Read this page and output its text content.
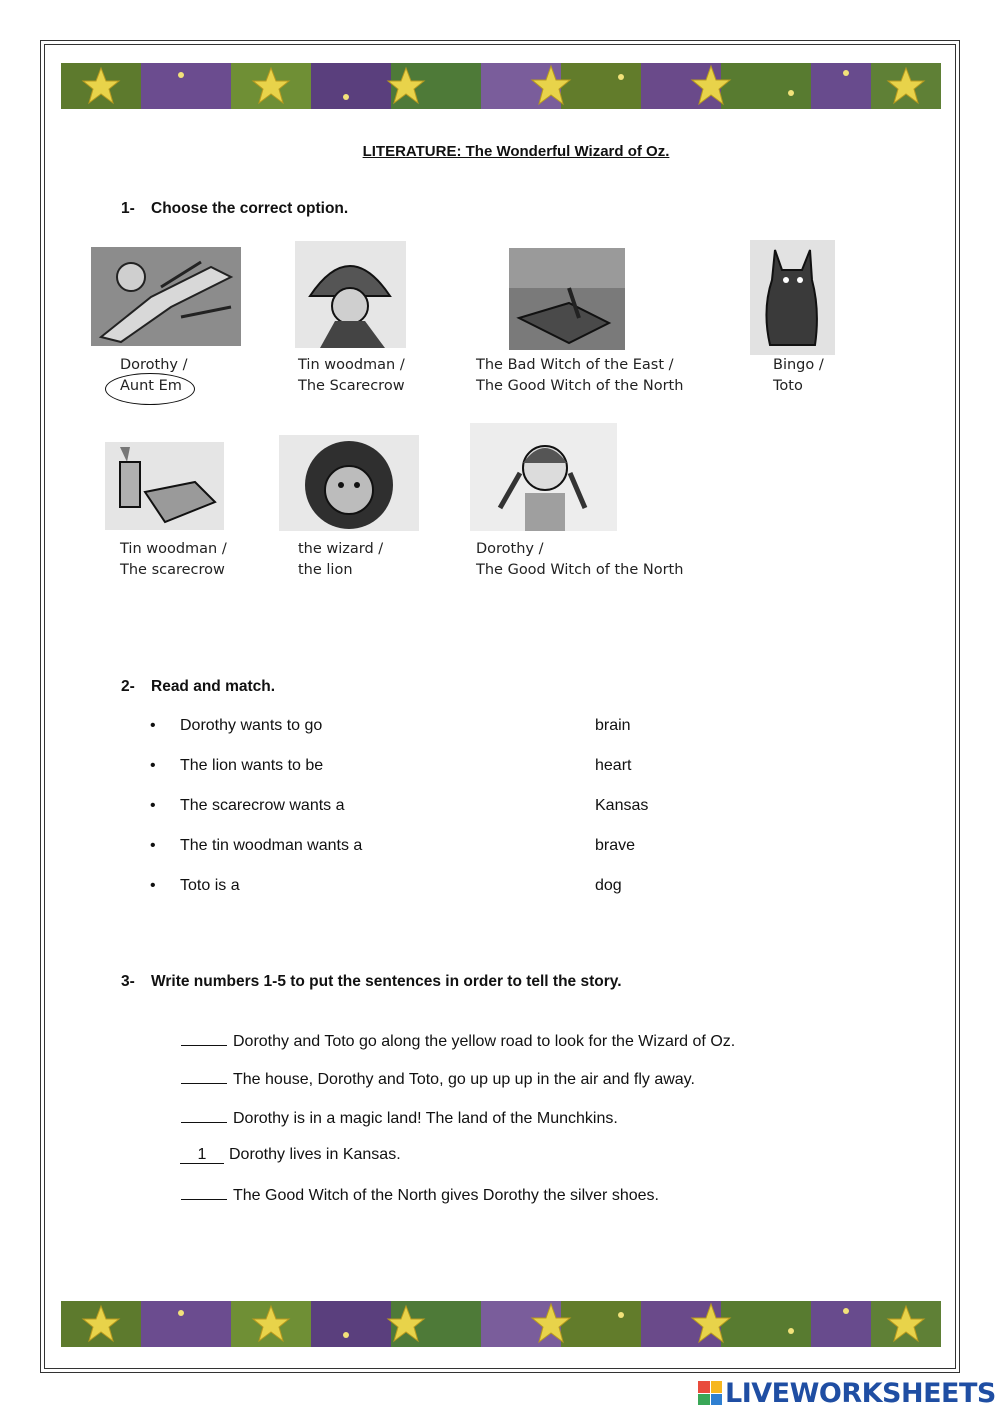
LITERATURE: The Wonderful Wizard of Oz.
1- Choose the correct option.
Dorothy /
Aunt Em
Tin woodman /
The Scarecrow
The Bad Witch of the East /
The Good Witch of the North
Bingo /
Toto
Tin woodman /
The scarecrow
the wizard /
the lion
Dorothy /
The Good Witch of the North
2- Read and match.
• Dorothy wants to go
• The lion wants to be
• The scarecrow wants a
• The tin woodman wants a
• Toto is a
brain
heart
Kansas
brave
dog
3- Write numbers 1-5 to put the sentences in order to tell the story.
Dorothy and Toto go along the yellow road to look for the Wizard of Oz.
The house, Dorothy and Toto, go up up up in the air and fly away.
Dorothy is in a magic land! The land of the Munchkins.
1 Dorothy lives in Kansas.
The Good Witch of the North gives Dorothy the silver shoes.
LIVEWORKSHEETS
